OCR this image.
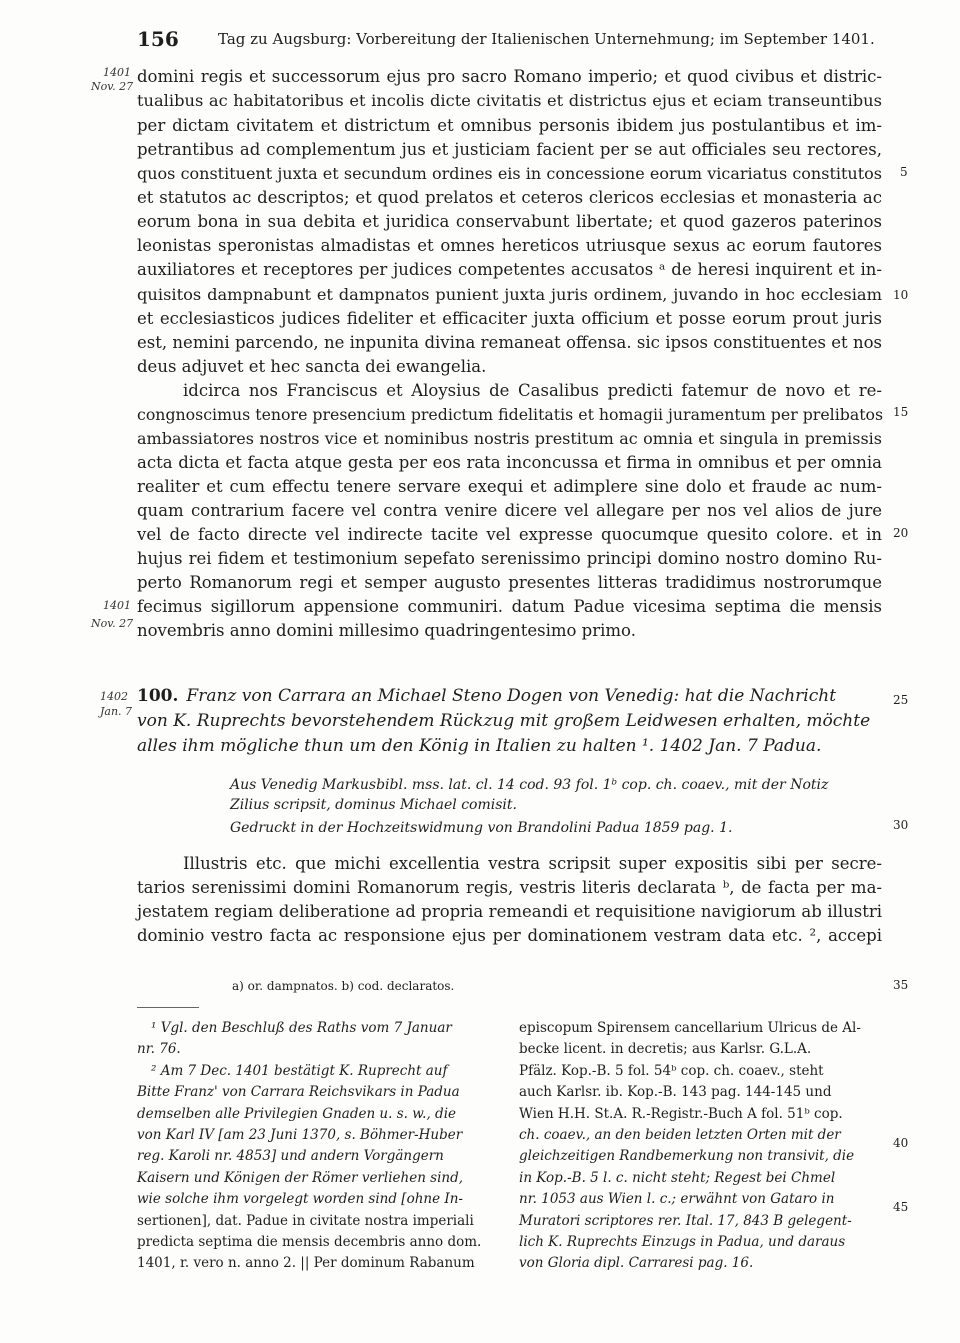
156	Tag zu Augsburg: Vorbereitung der Italienischen Unternehmung; im September 1401.
1401
Nov. 27
1401
Nov. 27
1402
Jan. 7
5
10
15
20
25
30
35
40
45
domini regis et successorum ejus pro sacro Romano imperio; et quod civibus et distric-
tualibus ac habitatoribus et incolis dicte civitatis et districtus ejus et eciam transeuntibus
per dictam civitatem et districtum et omnibus personis ibidem jus postulantibus et im-
petrantibus ad complementum jus et justiciam facient per se aut officiales seu rectores,
quos constituent juxta et secundum ordines eis in concessione eorum vicariatus constitutos
et statutos ac descriptos; et quod prelatos et ceteros clericos ecclesias et monasteria ac
eorum bona in sua debita et juridica conservabunt libertate; et quod gazeros paterinos
leonistas speronistas almadistas et omnes hereticos utriusque sexus ac eorum fautores
auxiliatores et receptores per judices competentes accusatos ᵃ de heresi inquirent et in-
quisitos dampnabunt et dampnatos punient juxta juris ordinem, juvando in hoc ecclesiam
et ecclesiasticos judices fideliter et efficaciter juxta officium et posse eorum prout juris
est, nemini parcendo, ne inpunita divina remaneat offensa. sic ipsos constituentes et nos
deus adjuvet et hec sancta dei ewangelia.
idcirca nos Franciscus et Aloysius de Casalibus predicti fatemur de novo et re-
congnoscimus tenore presencium predictum fidelitatis et homagii juramentum per prelibatos
ambassiatores nostros vice et nominibus nostris prestitum ac omnia et singula in premissis
acta dicta et facta atque gesta per eos rata inconcussa et firma in omnibus et per omnia
realiter et cum effectu tenere servare exequi et adimplere sine dolo et fraude ac num-
quam contrarium facere vel contra venire dicere vel allegare per nos vel alios de jure
vel de facto directe vel indirecte tacite vel expresse quocumque quesito colore. et in
hujus rei fidem et testimonium sepefato serenissimo principi domino nostro domino Ru-
perto Romanorum regi et semper augusto presentes litteras tradidimus nostrorumque
fecimus sigillorum appensione communiri. datum Padue vicesima septima die mensis
novembris anno domini millesimo quadringentesimo primo.
100. Franz von Carrara an Michael Steno Dogen von Venedig: hat die Nachricht
von K. Ruprechts bevorstehendem Rückzug mit großem Leidwesen erhalten, möchte
alles ihm mögliche thun um den König in Italien zu halten ¹. 1402 Jan. 7 Padua.
Aus Venedig Markusbibl. mss. lat. cl. 14 cod. 93 fol. 1ᵇ cop. ch. coaev., mit der Notiz
Zilius scripsit, dominus Michael comisit.
Gedruckt in der Hochzeitswidmung von Brandolini Padua 1859 pag. 1.
Illustris etc. que michi excellentia vestra scripsit super expositis sibi per secre-
tarios serenissimi domini Romanorum regis, vestris literis declarata ᵇ, de facta per ma-
jestatem regiam deliberatione ad propria remeandi et requisitione navigiorum ab illustri
dominio vestro facta ac responsione ejus per dominationem vestram data etc. ², accepi
a) or. dampnatos. b) cod. declaratos.
¹ Vgl. den Beschluß des Raths vom 7 Januar
nr. 76.
² Am 7 Dec. 1401 bestätigt K. Ruprecht auf
Bitte Franz' von Carrara Reichsvikars in Padua
demselben alle Privilegien Gnaden u. s. w., die
von Karl IV [am 23 Juni 1370, s. Böhmer-Huber
reg. Karoli nr. 4853] und andern Vorgängern
Kaisern und Königen der Römer verliehen sind,
wie solche ihm vorgelegt worden sind [ohne In-
sertionen], dat. Padue in civitate nostra imperiali
predicta septima die mensis decembris anno dom.
1401, r. vero n. anno 2. || Per dominum Rabanum
episcopum Spirensem cancellarium Ulricus de Al-
becke licent. in decretis; aus Karlsr. G.L.A.
Pfälz. Kop.-B. 5 fol. 54ᵇ cop. ch. coaev., steht
auch Karlsr. ib. Kop.-B. 143 pag. 144-145 und
Wien H.H. St.A. R.-Registr.-Buch A fol. 51ᵇ cop.
ch. coaev., an den beiden letzten Orten mit der
gleichzeitigen Randbemerkung non transivit, die
in Kop.-B. 5 l. c. nicht steht; Regest bei Chmel
nr. 1053 aus Wien l. c.; erwähnt von Gataro in
Muratori scriptores rer. Ital. 17, 843 B gelegent-
lich K. Ruprechts Einzugs in Padua, und daraus
von Gloria dipl. Carraresi pag. 16.
